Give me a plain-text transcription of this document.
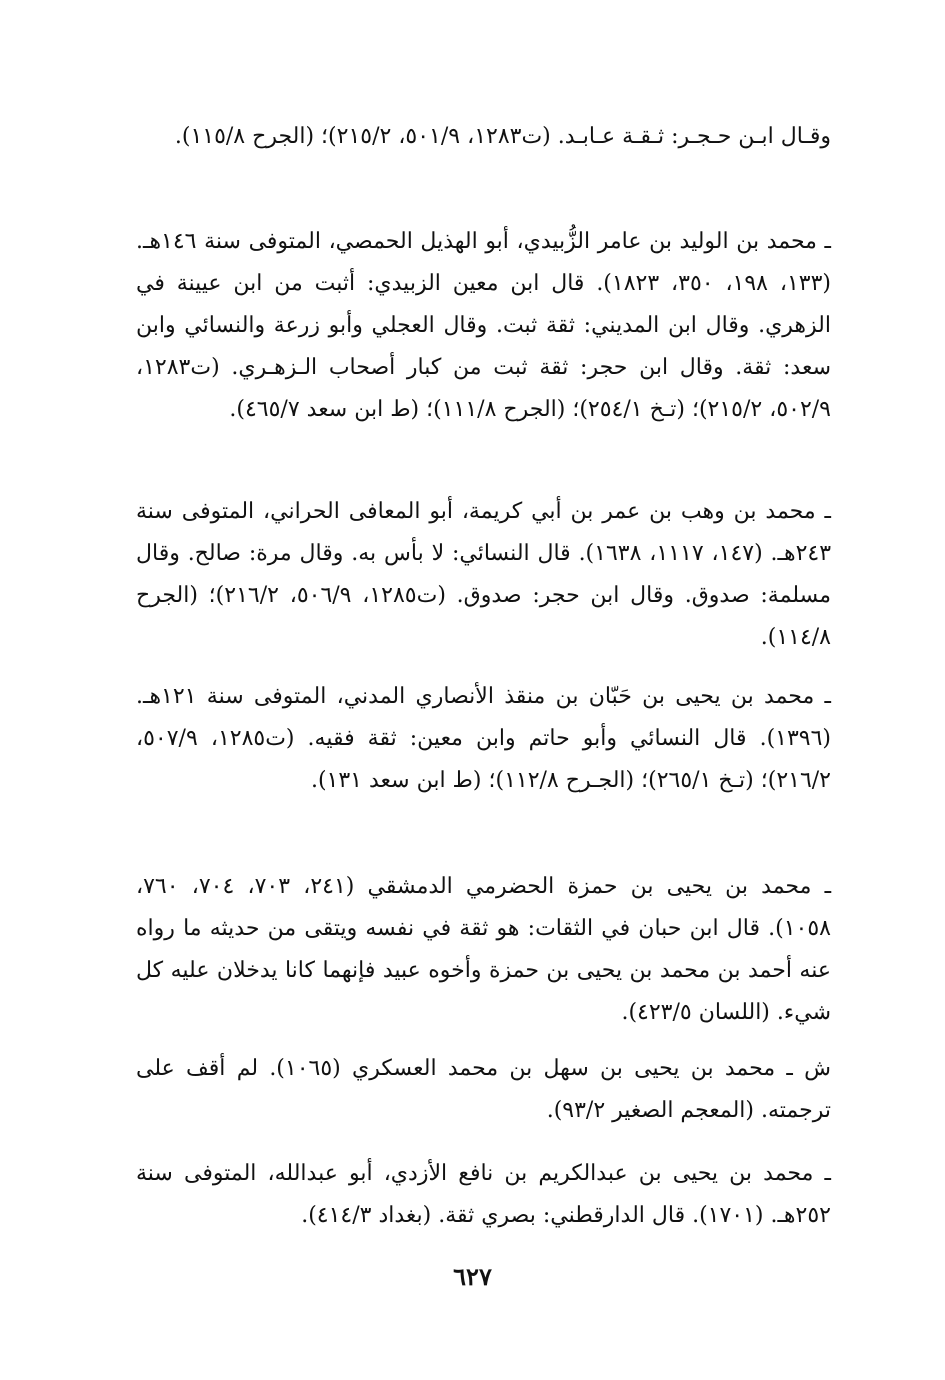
وقـال ابـن حـجـر: ثـقـة عـابـد. (ت١٢٨٣، ٥٠١/٩، ٢١٥/٢)؛ (الجرح ١١٥/٨).

ـ محمد بن الوليد بن عامر الزُّبيدي، أبو الهذيل الحمصي، المتوفى سنة ١٤٦هـ. (١٣٣، ١٩٨، ٣٥٠، ١٨٢٣). قال ابن معين الزبيدي: أثبت من ابن عيينة في الزهري. وقال ابن المديني: ثقة ثبت. وقال العجلي وأبو زرعة والنسائي وابن سعد: ثقة. وقال ابن حجر: ثقة ثبت من كبار أصحاب الـزهـري. (ت١٢٨٣، ٥٠٢/٩، ٢١٥/٢)؛ (تـخ ٢٥٤/١)؛ (الجرح ١١١/٨)؛ (ط ابن سعد ٤٦٥/٧).

ـ محمد بن وهب بن عمر بن أبي كريمة، أبو المعافى الحراني، المتوفى سنة ٢٤٣هـ. (١٤٧، ١١١٧، ١٦٣٨). قال النسائي: لا بأس به. وقال مرة: صالح. وقال مسلمة: صدوق. وقال ابن حجر: صدوق. (ت١٢٨٥، ٥٠٦/٩، ٢١٦/٢)؛ (الجرح ١١٤/٨).

ـ محمد بن يحيى بن حَبّان بن منقذ الأنصاري المدني، المتوفى سنة ١٢١هـ. (١٣٩٦). قال النسائي وأبو حاتم وابن معين: ثقة فقيه. (ت١٢٨٥، ٥٠٧/٩، ٢١٦/٢)؛ (تـخ ٢٦٥/١)؛ (الجـرح ١١٢/٨)؛ (ط ابن سعد ١٣١).

ـ محمد بن يحيى بن حمزة الحضرمي الدمشقي (٢٤١، ٧٠٣، ٧٠٤، ٧٦٠، ١٠٥٨). قال ابن حبان في الثقات: هو ثقة في نفسه ويتقى من حديثه ما رواه عنه أحمد بن محمد بن يحيى بن حمزة وأخوه عبيد فإنهما كانا يدخلان عليه كل شيء. (اللسان ٤٢٣/٥).

ش ـ محمد بن يحيى بن سهل بن محمد العسكري (١٠٦٥). لم أقف على ترجمته. (المعجم الصغير ٩٣/٢).

ـ محمد بن يحيى بن عبدالكريم بن نافع الأزدي، أبو عبدالله، المتوفى سنة ٢٥٢هـ. (١٧٠١). قال الدارقطني: بصري ثقة. (بغداد ٤١٤/٣).

٦٢٧
